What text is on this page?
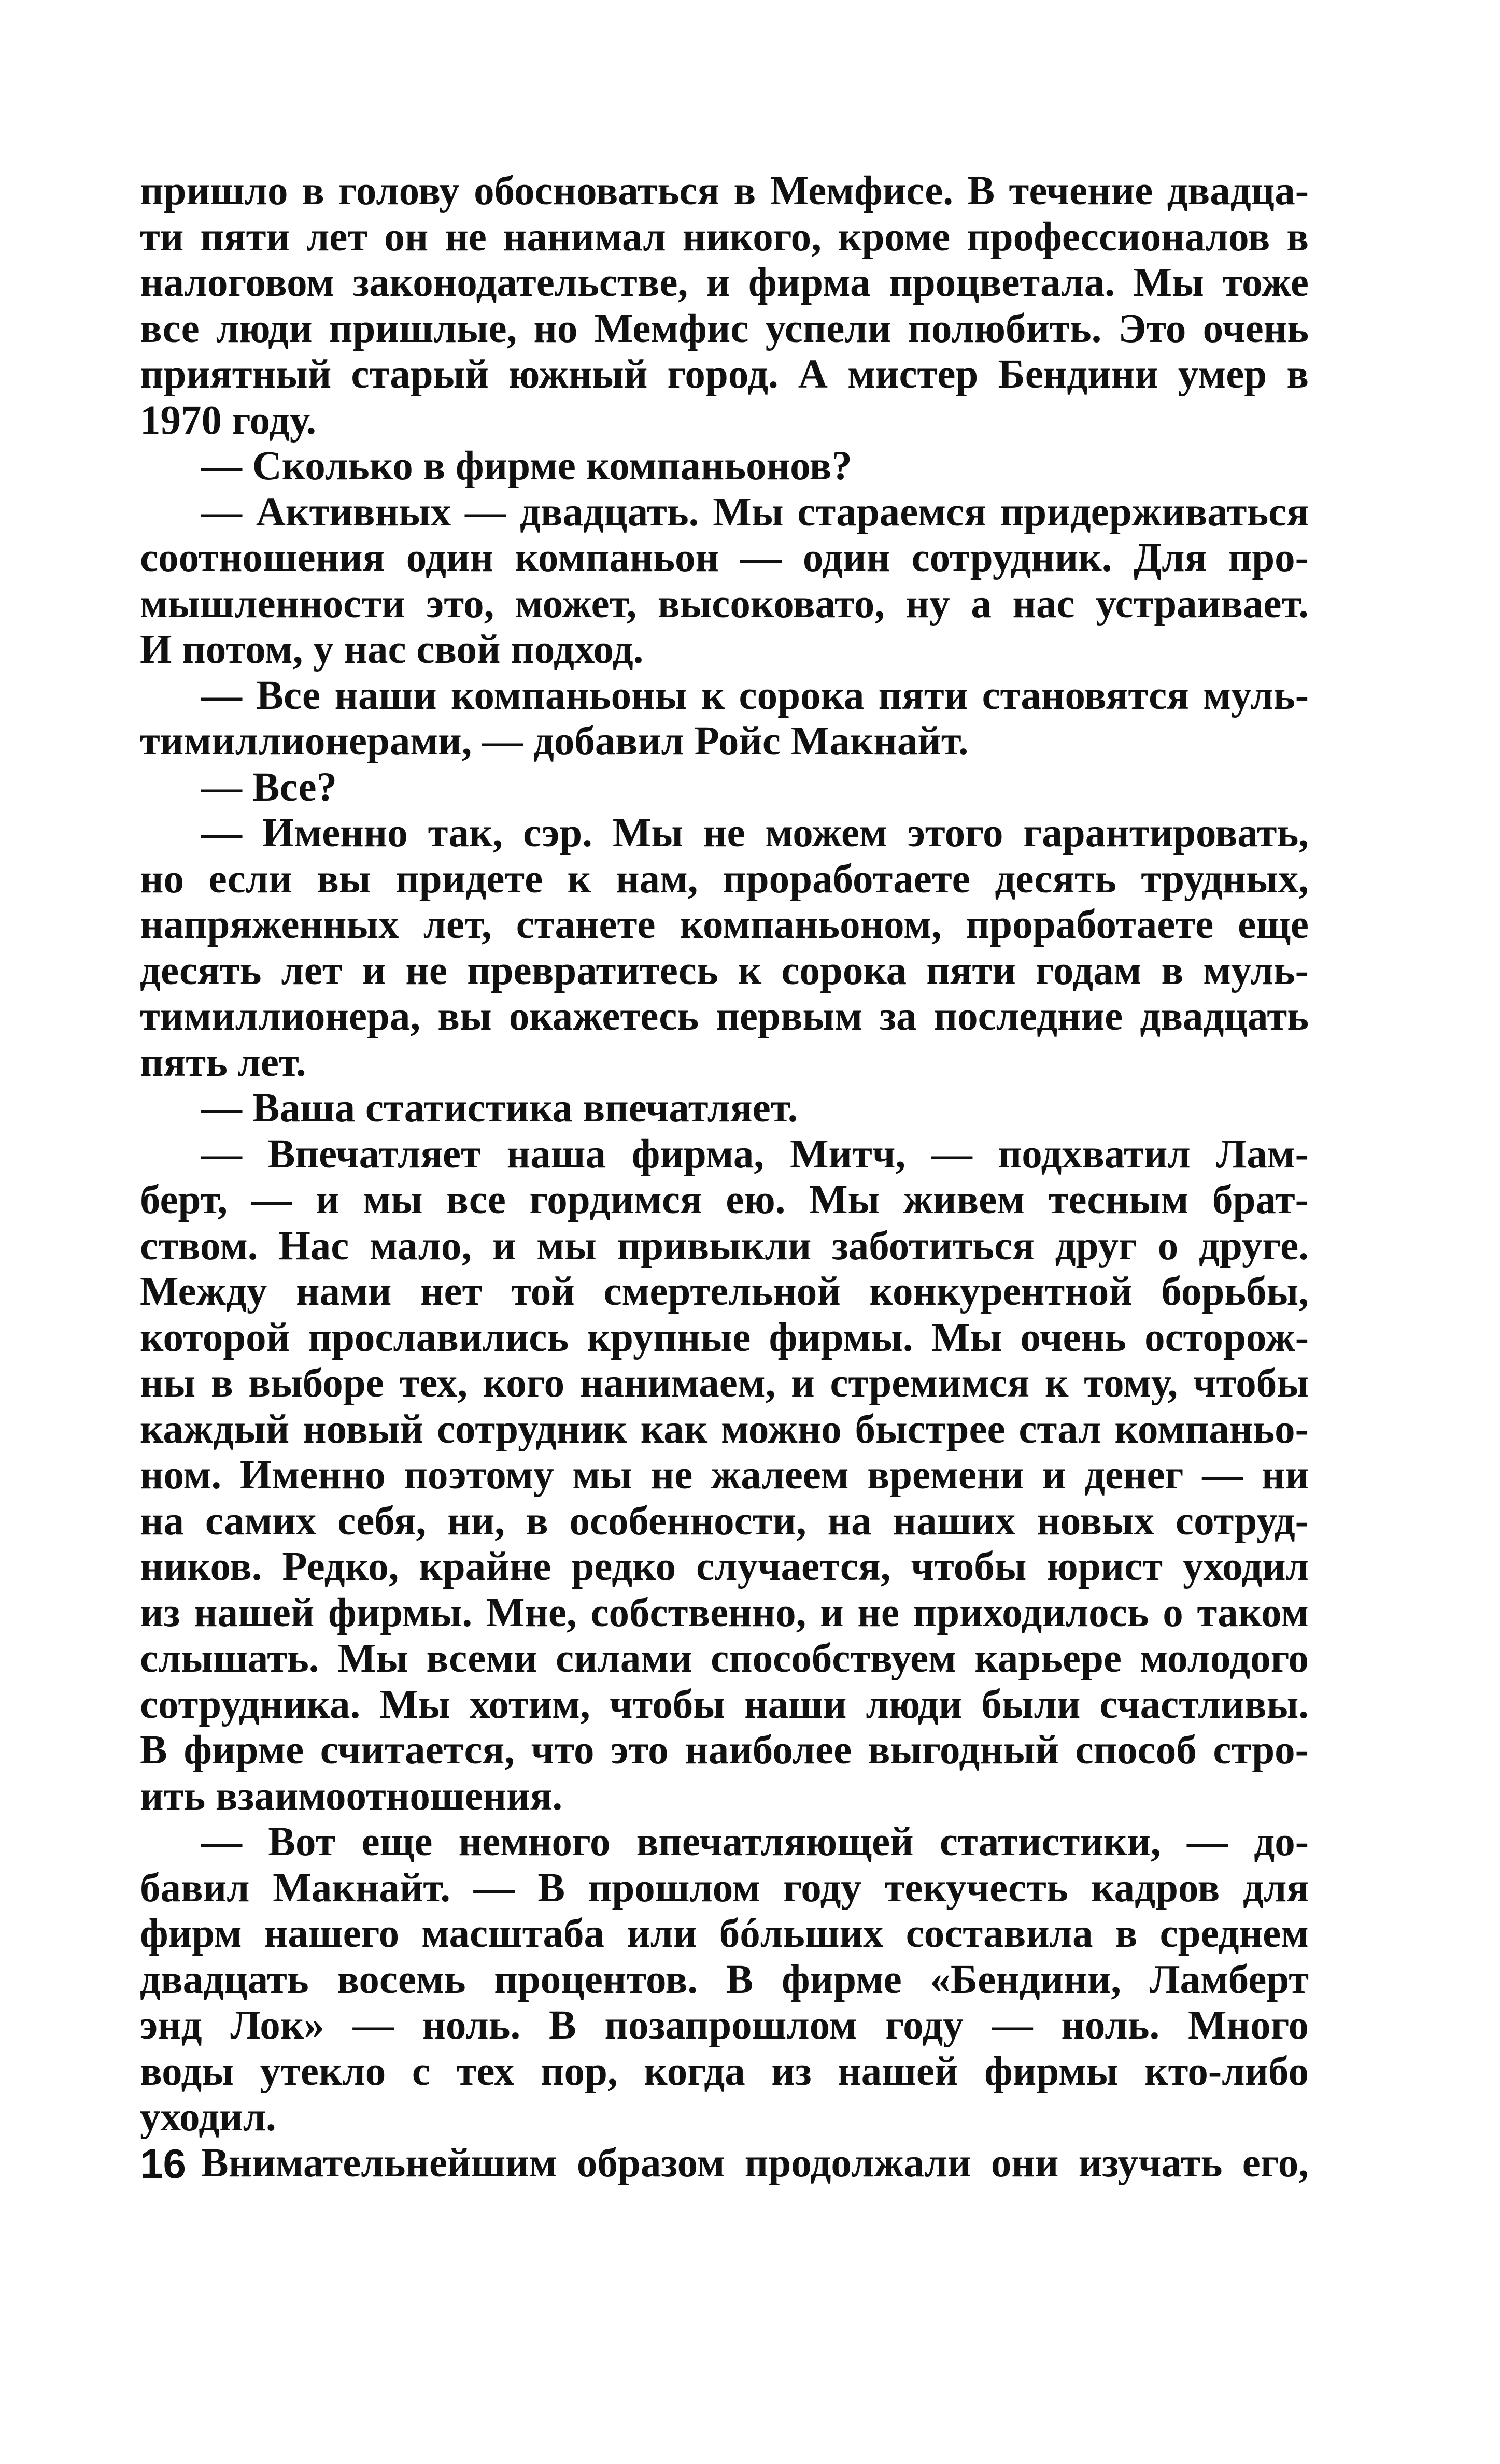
пришло в голову обосноваться в Мемфисе. В течение двадца-
ти пяти лет он не нанимал никого, кроме профессионалов в
налоговом законодательстве, и фирма процветала. Мы тоже
все люди пришлые, но Мемфис успели полюбить. Это очень
приятный старый южный город. А мистер Бендини умер в
1970 году.
— Сколько в фирме компаньонов?
— Активных — двадцать. Мы стараемся придерживаться
соотношения один компаньон — один сотрудник. Для про-
мышленности это, может, высоковато, ну а нас устраивает.
И потом, у нас свой подход.
— Все наши компаньоны к сорока пяти становятся муль-
тимиллионерами, — добавил Ройс Макнайт.
— Все?
— Именно так, сэр. Мы не можем этого гарантировать,
но если вы придете к нам, проработаете десять трудных,
напряженных лет, станете компаньоном, проработаете еще
десять лет и не превратитесь к сорока пяти годам в муль-
тимиллионера, вы окажетесь первым за последние двадцать
пять лет.
— Ваша статистика впечатляет.
— Впечатляет наша фирма, Митч, — подхватил Лам-
берт, — и мы все гордимся ею. Мы живем тесным брат-
ством. Нас мало, и мы привыкли заботиться друг о друге.
Между нами нет той смертельной конкурентной борьбы,
которой прославились крупные фирмы. Мы очень осторож-
ны в выборе тех, кого нанимаем, и стремимся к тому, чтобы
каждый новый сотрудник как можно быстрее стал компаньо-
ном. Именно поэтому мы не жалеем времени и денег — ни
на самих себя, ни, в особенности, на наших новых сотруд-
ников. Редко, крайне редко случается, чтобы юрист уходил
из нашей фирмы. Мне, собственно, и не приходилось о таком
слышать. Мы всеми силами способствуем карьере молодого
сотрудника. Мы хотим, чтобы наши люди были счастливы.
В фирме считается, что это наиболее выгодный способ стро-
ить взаимоотношения.
— Вот еще немного впечатляющей статистики, — до-
бавил Макнайт. — В прошлом году текучесть кадров для
фирм нашего масштаба или бóльших составила в среднем
двадцать восемь процентов. В фирме «Бендини, Ламберт
энд Лок» — ноль. В позапрошлом году — ноль. Много
воды утекло с тех пор, когда из нашей фирмы кто-либо
уходил.
Внимательнейшим образом продолжали они изучать его,
16
